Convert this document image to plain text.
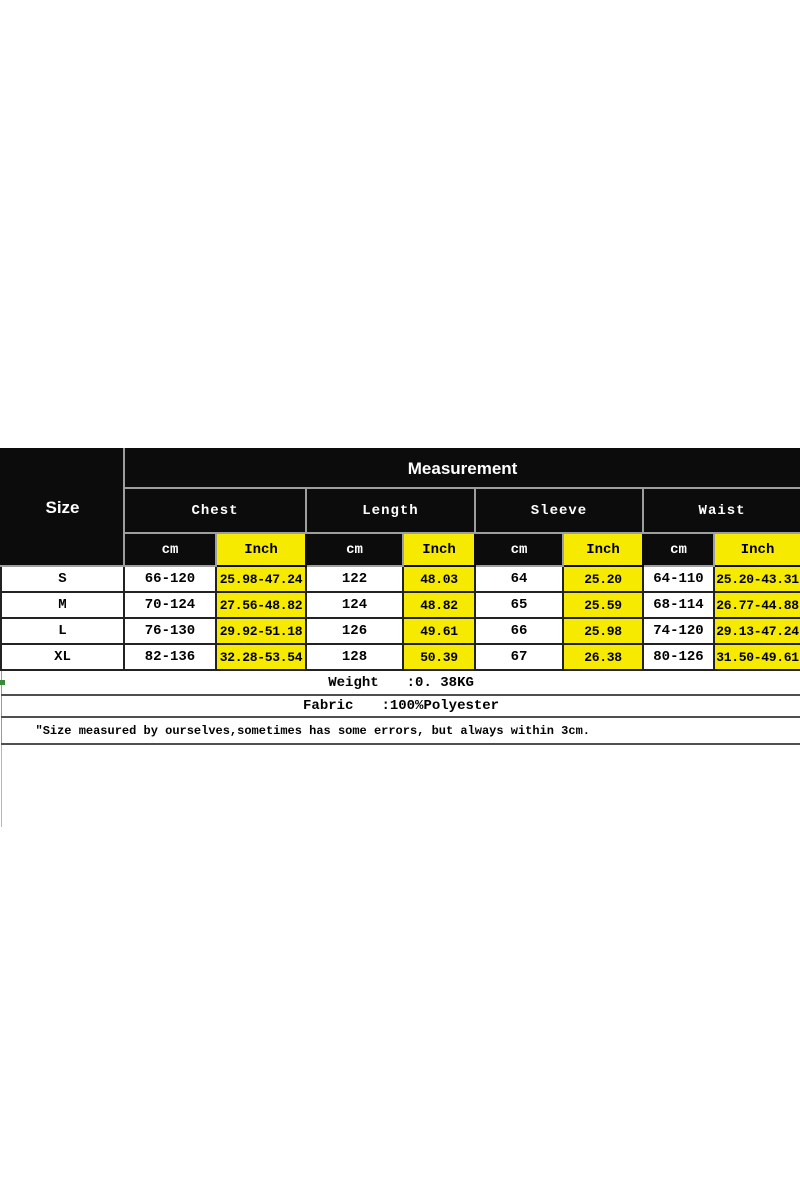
Size	Measurement							
	Chest		Length		Sleeve		Waist	
	cm	Inch	cm	Inch	cm	Inch	cm	Inch
S	66-120	25.98-47.24	122	48.03	64	25.20	64-110	25.20-43.31
M	70-124	27.56-48.82	124	48.82	65	25.59	68-114	26.77-44.88
L	76-130	29.92-51.18	126	49.61	66	25.98	74-120	29.13-47.24
XL	82-136	32.28-53.54	128	50.39	67	26.38	80-126	31.50-49.61
Weight :0. 38KG								
Fabric :100%Polyester								
"Size measured by ourselves,sometimes has some errors, but always within 3cm.								
